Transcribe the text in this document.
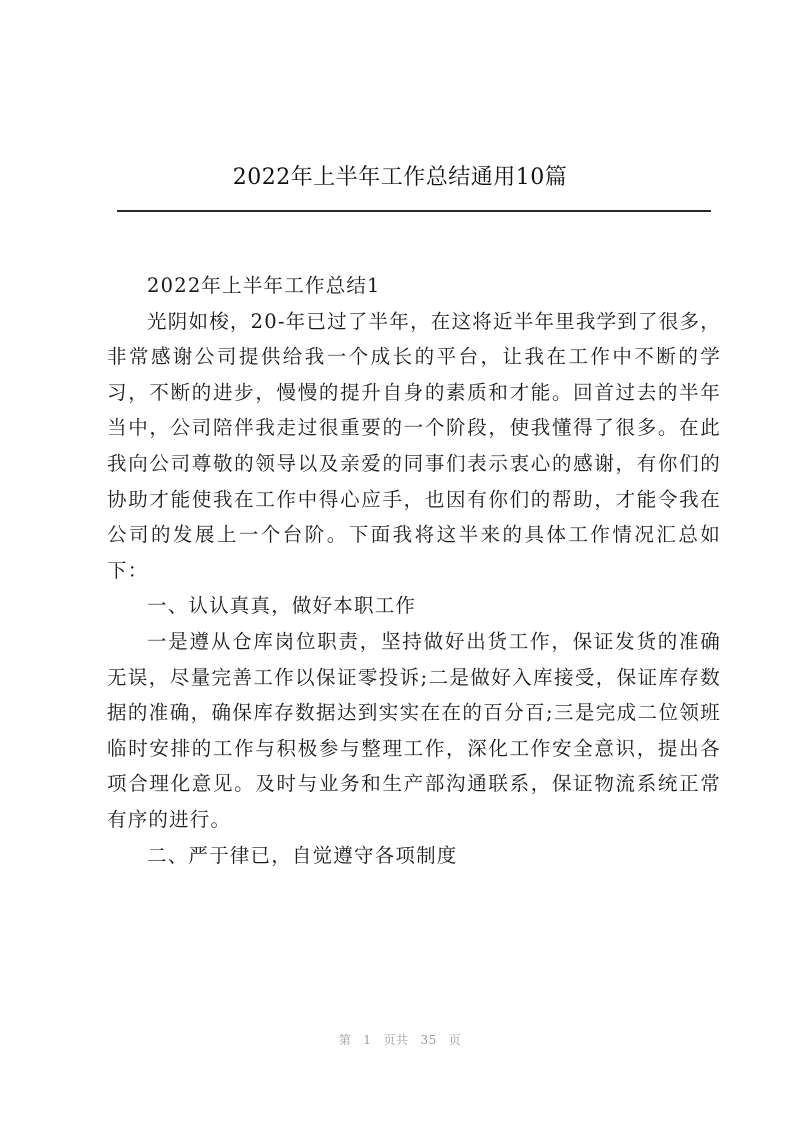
2022年上半年工作总结通用10篇

2022年上半年工作总结1

光阴如梭，20-年已过了半年，在这将近半年里我学到了很多，非常感谢公司提供给我一个成长的平台，让我在工作中不断的学习，不断的进步，慢慢的提升自身的素质和才能。回首过去的半年当中，公司陪伴我走过很重要的一个阶段，使我懂得了很多。在此我向公司尊敬的领导以及亲爱的同事们表示衷心的感谢，有你们的协助才能使我在工作中得心应手，也因有你们的帮助，才能令我在公司的发展上一个台阶。下面我将这半来的具体工作情况汇总如下：

一、认认真真，做好本职工作

一是遵从仓库岗位职责，坚持做好出货工作，保证发货的准确无误，尽量完善工作以保证零投诉;二是做好入库接受，保证库存数据的准确，确保库存数据达到实实在在的百分百;三是完成二位领班临时安排的工作与积极参与整理工作，深化工作安全意识，提出各项合理化意见。及时与业务和生产部沟通联系，保证物流系统正常有序的进行。

二、严于律已，自觉遵守各项制度

第 1 页共 35 页
